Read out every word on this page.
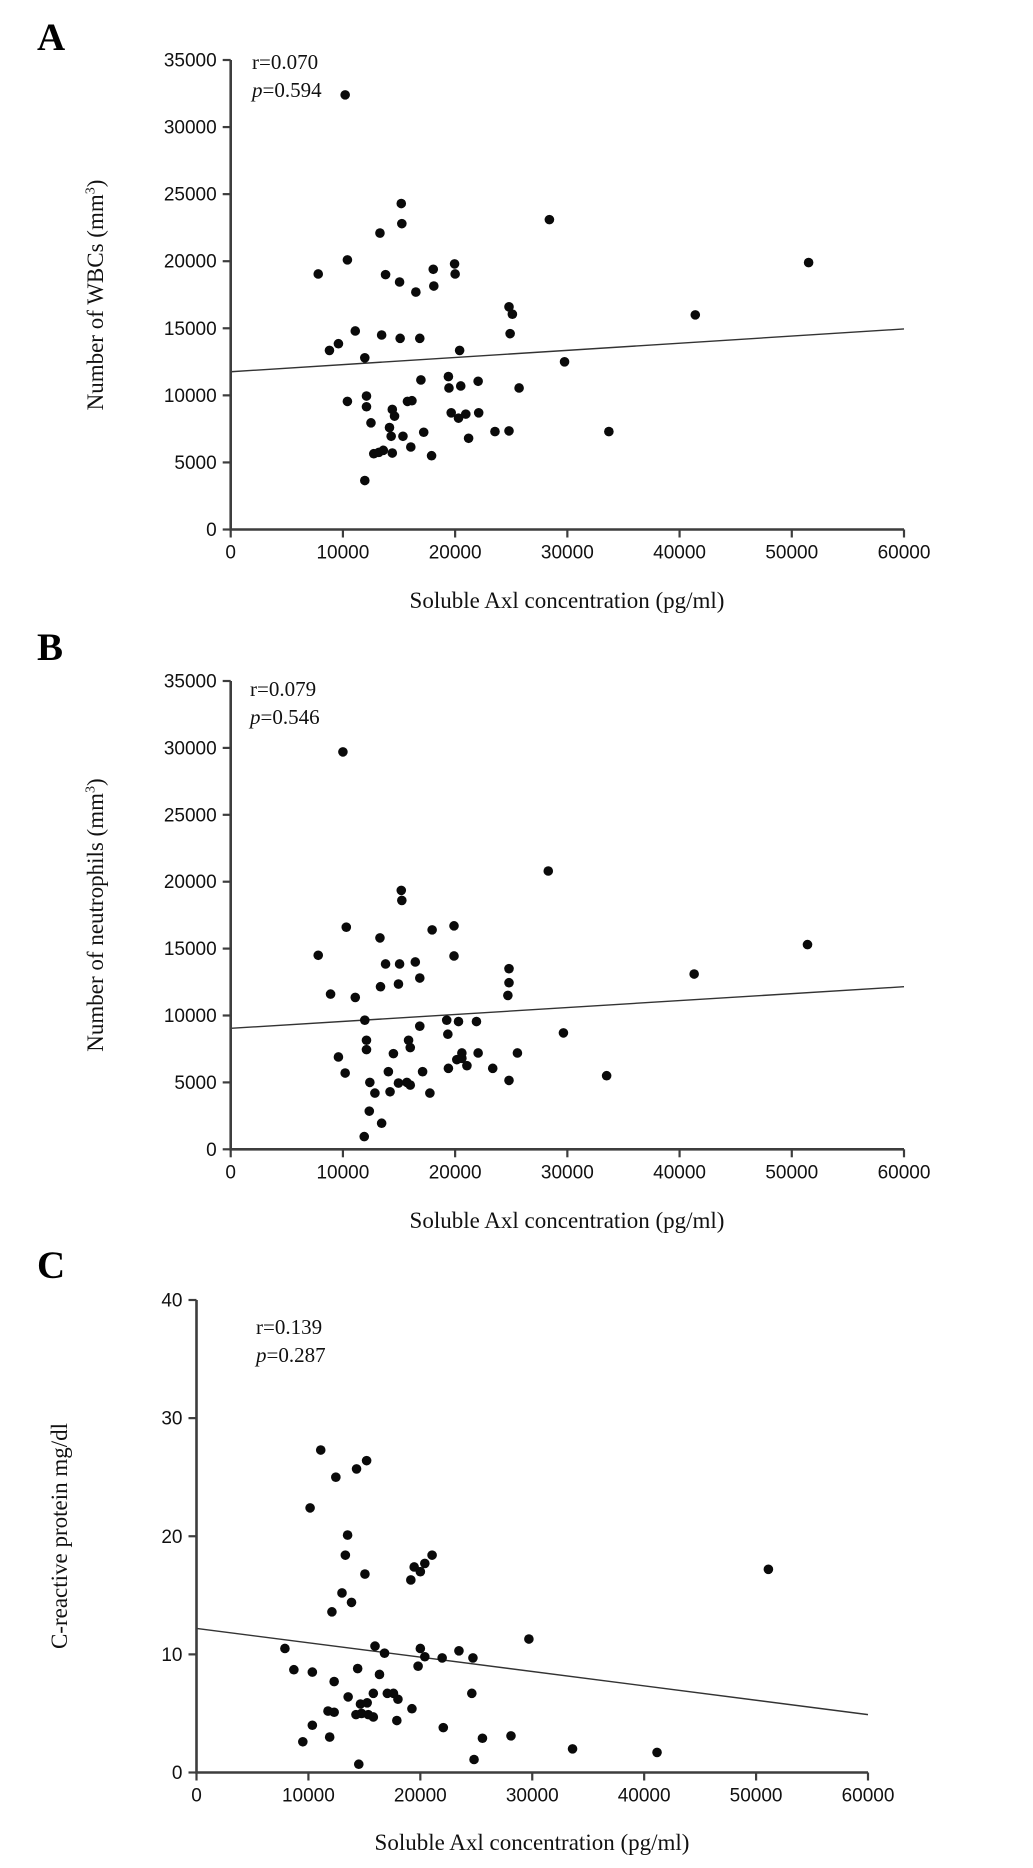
0	10000	20000	30000	40000	50000	60000
0
5000
10000
15000
20000
25000
30000
35000
0	10000	20000	30000	40000	50000	60000
0
5000
10000
15000
20000
25000
30000
35000
0	10000	20000	30000	40000	50000	60000
0
10
20
30
40
A
r=0.070
p=0.594
Number of WBCs $(mm^3)$
Soluble Axl concentration (pg/ml)
B
r=0.079
p=0.546
Number of neutrophils $(mm^3)$
Soluble Axl concentration (pg/ml)
C
r=0.139
p=0.287
C-reactive protein mg/dl
Soluble Axl concentration (pg/ml)
